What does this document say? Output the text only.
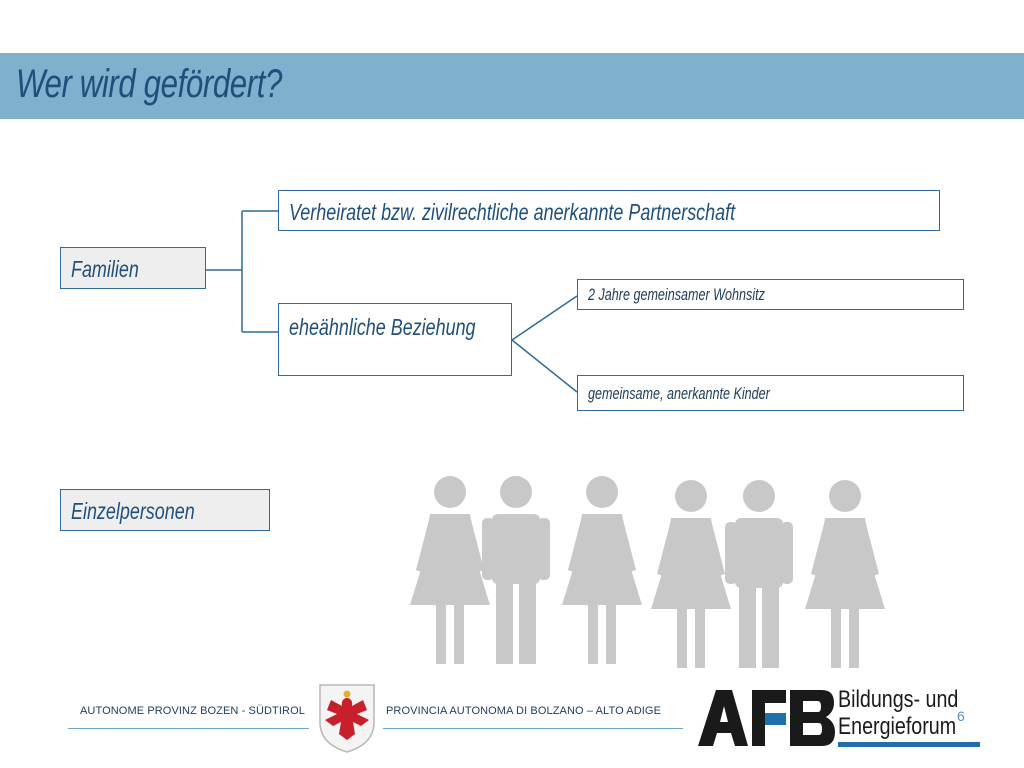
Wer wird gefördert?
Familien
Verheiratet bzw. zivilrechtliche anerkannte Partnerschaft
eheähnliche Beziehung
2 Jahre gemeinsamer Wohnsitz
gemeinsame, anerkannte Kinder
Einzelpersonen
AUTONOME PROVINZ BOZEN - SÜDTIROL	PROVINCIA AUTONOMA DI BOLZANO – ALTO ADIGE	Bildungs- und
Energieforum 6
